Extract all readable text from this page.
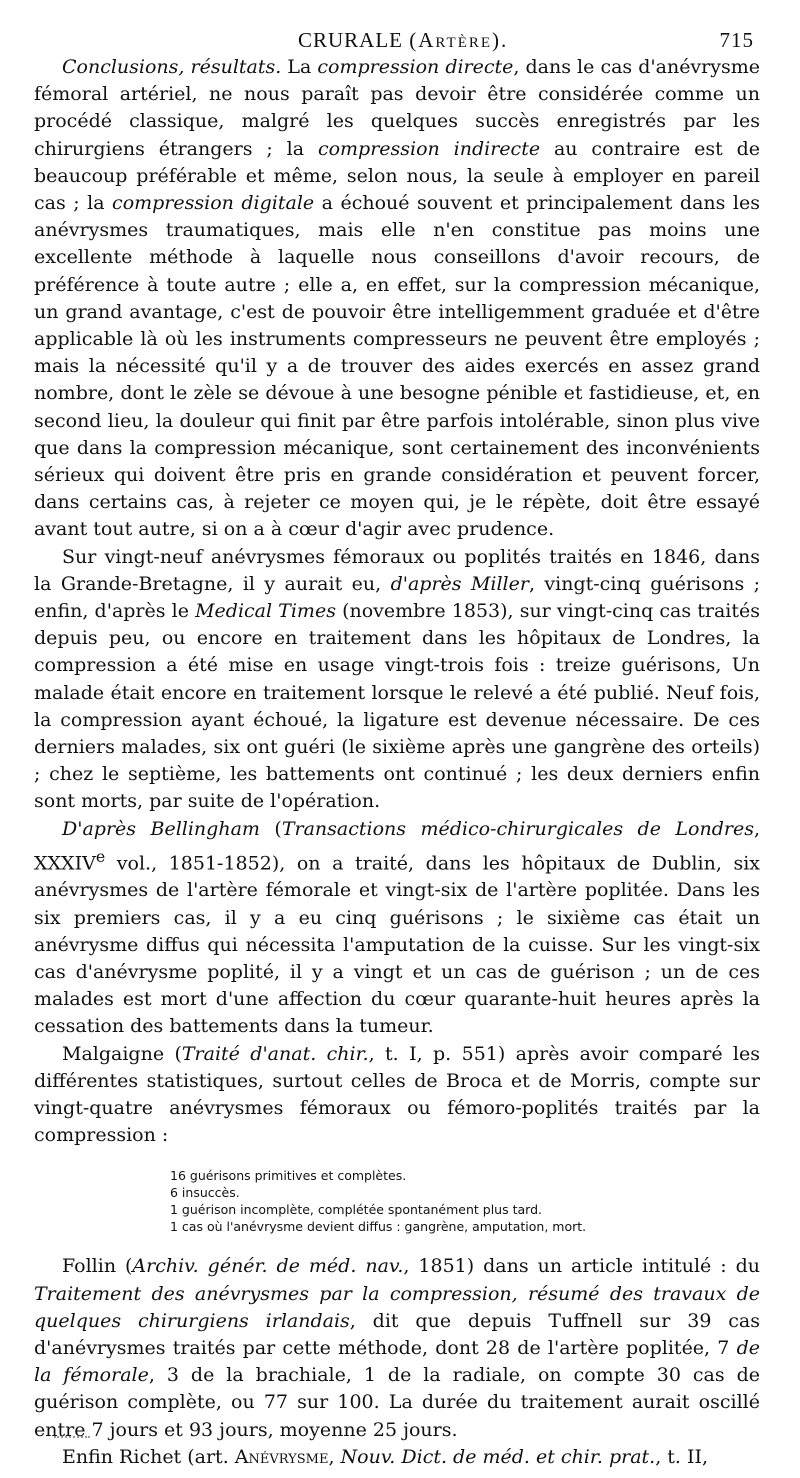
CRURALE (Artère).	715

Conclusions, résultats. La compression directe, dans le cas d'anévrysme fémoral artériel, ne nous paraît pas devoir être considérée comme un procédé classique, malgré les quelques succès enregistrés par les chirurgiens étrangers ; la compression indirecte au contraire est de beaucoup préférable et même, selon nous, la seule à employer en pareil cas ; la compression digitale a échoué souvent et principalement dans les anévrysmes traumatiques, mais elle n'en constitue pas moins une excellente méthode à laquelle nous conseillons d'avoir recours, de préférence à toute autre ; elle a, en effet, sur la compression mécanique, un grand avantage, c'est de pouvoir être intelligemment graduée et d'être applicable là où les instruments compresseurs ne peuvent être employés ; mais la nécessité qu'il y a de trouver des aides exercés en assez grand nombre, dont le zèle se dévoue à une besogne pénible et fastidieuse, et, en second lieu, la douleur qui finit par être parfois intolérable, sinon plus vive que dans la compression mécanique, sont certainement des inconvénients sérieux qui doivent être pris en grande considération et peuvent forcer, dans certains cas, à rejeter ce moyen qui, je le répète, doit être essayé avant tout autre, si on a à cœur d'agir avec prudence.

Sur vingt-neuf anévrysmes fémoraux ou poplités traités en 1846, dans la Grande-Bretagne, il y aurait eu, d'après Miller, vingt-cinq guérisons ; enfin, d'après le Medical Times (novembre 1853), sur vingt-cinq cas traités depuis peu, ou encore en traitement dans les hôpitaux de Londres, la compression a été mise en usage vingt-trois fois : treize guérisons, Un malade était encore en traitement lorsque le relevé a été publié. Neuf fois, la compression ayant échoué, la ligature est devenue nécessaire. De ces derniers malades, six ont guéri (le sixième après une gangrène des orteils) ; chez le septième, les battements ont continué ; les deux derniers enfin sont morts, par suite de l'opération.

D'après Bellingham (Transactions médico-chirurgicales de Londres, XXXIVe vol., 1851-1852), on a traité, dans les hôpitaux de Dublin, six anévrysmes de l'artère fémorale et vingt-six de l'artère poplitée. Dans les six premiers cas, il y a eu cinq guérisons ; le sixième cas était un anévrysme diffus qui nécessita l'amputation de la cuisse. Sur les vingt-six cas d'anévrysme poplité, il y a vingt et un cas de guérison ; un de ces malades est mort d'une affection du cœur quarante-huit heures après la cessation des battements dans la tumeur.

Malgaigne (Traité d'anat. chir., t. I, p. 551) après avoir comparé les différentes statistiques, surtout celles de Broca et de Morris, compte sur vingt-quatre anévrysmes fémoraux ou fémoro-poplités traités par la compression :

16 guérisons primitives et complètes.
6 insuccès.
1 guérison incomplète, complétée spontanément plus tard.
1 cas où l'anévrysme devient diffus : gangrène, amputation, mort.

Follin (Archiv. génér. de méd. nav., 1851) dans un article intitulé : du Traitement des anévrysmes par la compression, résumé des travaux de quelques chirurgiens irlandais, dit que depuis Tuffnell sur 39 cas d'anévrysmes traités par cette méthode, dont 28 de l'artère poplitée, 7 de la fémorale, 3 de la brachiale, 1 de la radiale, on compte 30 cas de guérison complète, ou 77 sur 100. La durée du traitement aurait oscillé entre 7 jours et 93 jours, moyenne 25 jours.

Enfin Richet (art. Anévrysme, Nouv. Dict. de méd. et chir. prat., t. II,
